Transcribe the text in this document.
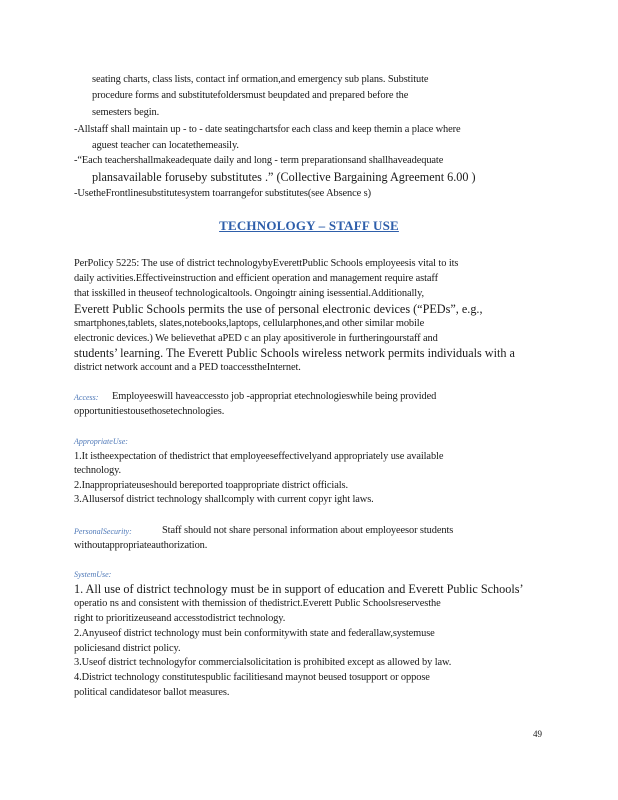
seating charts, class lists, contact inf ormation,and emergency sub plans. Substitute
procedure forms and substitutefoldersmust beupdated and prepared before the
semesters begin.
-Allstaff shall maintain up - to - date seatingchartsfor each class and keep themin a place where
aguest teacher can locatethemeasily.
-“Each teachershallmakeadequate daily and long - term preparationsand shallhaveadequate
plansavailable foruseby substitutes .” (Collective Bargaining Agreement 6.00 )
-UsetheFrontlinesubstitutesystem toarrangefor substitutes(see Absence s)
TECHNOLOGY – STAFF USE
PerPolicy 5225: The use of district technologybyEverettPublic Schools employeesis vital to its
daily activities.Effectiveinstruction and efficient operation and management require astaff
that isskilled in theuseof technologicaltools. Ongoingtr aining isessential.Additionally,
Everett Public Schools permits the use of personal electronic devices (“PEDs”, e.g.,
smartphones,tablets, slates,notebooks,laptops, cellularphones,and other similar mobile
electronic devices.) We believethat aPED c an play apositiverole in furtheringourstaff and
students’ learning. The Everett Public Schools wireless network permits individuals with a
district network account and a PED toaccesstheInternet.
Access: Employeeswill haveaccessto job -appropriat etechnologieswhile being provided
opportunitiestousethosetechnologies.
AppropriateUse:
1.It istheexpectation of thedistrict that employeeseffectivelyand appropriately use available
technology.
2.Inappropriateuseshould bereported toappropriate district officials.
3.Allusersof district technology shallcomply with current copyr ight laws.
PersonalSecurity:	Staff should not share personal information about employeesor students
withoutappropriateauthorization.
SystemUse:
1. All use of district technology must be in support of education and Everett Public Schools’
operatio ns and consistent with themission of thedistrict.Everett Public Schoolsreservesthe
right to prioritizeuseand accesstodistrict technology.
2.Anyuseof district technology must bein conformitywith state and federallaw,systemuse
policiesand district policy.
3.Useof district technologyfor commercialsolicitation is prohibited except as allowed by law.
4.District technology constitutespublic facilitiesand maynot beused tosupport or oppose
political candidatesor ballot measures.
49
